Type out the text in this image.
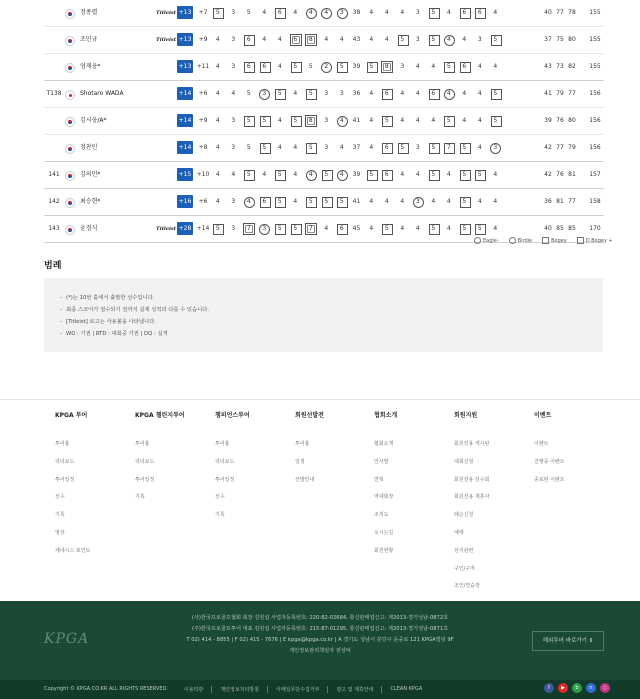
정종렬	Titleist +13	+7	5	3	5	4	6	4	4	4	3	38	4	4	4	3	5	4	6	6	4	40 77 78	155
조민규	Titleist +13	+9	4	3	6	4	4	6	8	4	4	43	4	4	5	3	5	4	4	3	5	37 75 80	155
엄재웅*	+13 +11	4	3	6	6	4	5	5	2	5	39	5	8	3	4	4	5	6	4	4	43 73 82	155
T138	Shotaro WADA	+14	+6	4	4	5	3	5	4	5	3	3	36	4	6	4	4	6	4	4	4	5	41 79 77	156
김시웅/A*	+14	+9	4	3	5	5	4	5	8	3	4	41	4	5	4	4	4	5	4	4	5	39 76 80	156
정찬민	+14	+8	4	3	5	5	4	4	5	3	4	37	4	6	5	3	5	7	5	4	3	42 77 79	156
141	김의민*	+15 +10	4	4	5	4	5	4	4	5	4	39	5	6	4	4	5	4	5	5	4	42 76 81	157
142	최승현*	+16	+6	4	3	4	6	5	4	5	5	5	41	4	4	4	3	4	4	5	4	4	36 81 77	158
143	윤경식	Titleist +28 +14	5	3	7	3	5	5	7	4	6	45	4	5	4	4	5	4	5	5	4	40 85 85	170
Eagle-	Birdie	Bogey	D.Bogey +
범례
- (*)는 10번 홀에서 출발한 선수입니다.
- 최종 스코어가 접수되기 전까지 실제 성적과 다를 수 있습니다.
- [Titleist] 로고는 사용볼을 나타냅니다.
- WD : 기권 | RTD : 대회중 기권 | DQ : 실격
KPGA 투어
투어홈
리더보드
투어일정
선수
기록
영상
제네시스 포인트
KPGA 챌린지투어
투어홈
리더보드
투어일정
기록
챔피언스투어
투어홈
리더보드
투어일정
선수
기록
회원선발전
투어홈
일정
선발안내
협회소개
협회소개
인사말
연혁
역대회장
조직도
오시는길
회원현황
회원지원
회원전용 게시판
대회신청
회원전용 선수회
회원전용 제휴사
레슨신청
예매
선지관련
구인/구직
조인/연습장
이벤트
이벤트
진행중 이벤트
종료된 이벤트
KPGA
(사)한국프로골프협회 회장 김원섭 사업자등록번호: 220-82-02684, 통신판매업신고: 제2013-경기성남-0872호
(주)한국프로골프투어 대표 김원섭 사업자등록번호: 215-87-01295, 통신판매업신고: 제2013-경기성남-0871호
T 02) 414 - 8855 | F 02) 415 - 7676 | E kpga@kpga.co.kr | A 경기도 성남시 분당구 운중로 121 KPGA빌딩 9F
개인정보관리책임자 전상덕
해외투어 바로가기 ⇕
Copyright © KPGA.CO.KR ALL RIGHTS RESERVED.	이용약관	개인정보처리방침	이메일무단수집거부	광고 및 제휴안내	CLEAN KPGA	f	▶	b	n	○
